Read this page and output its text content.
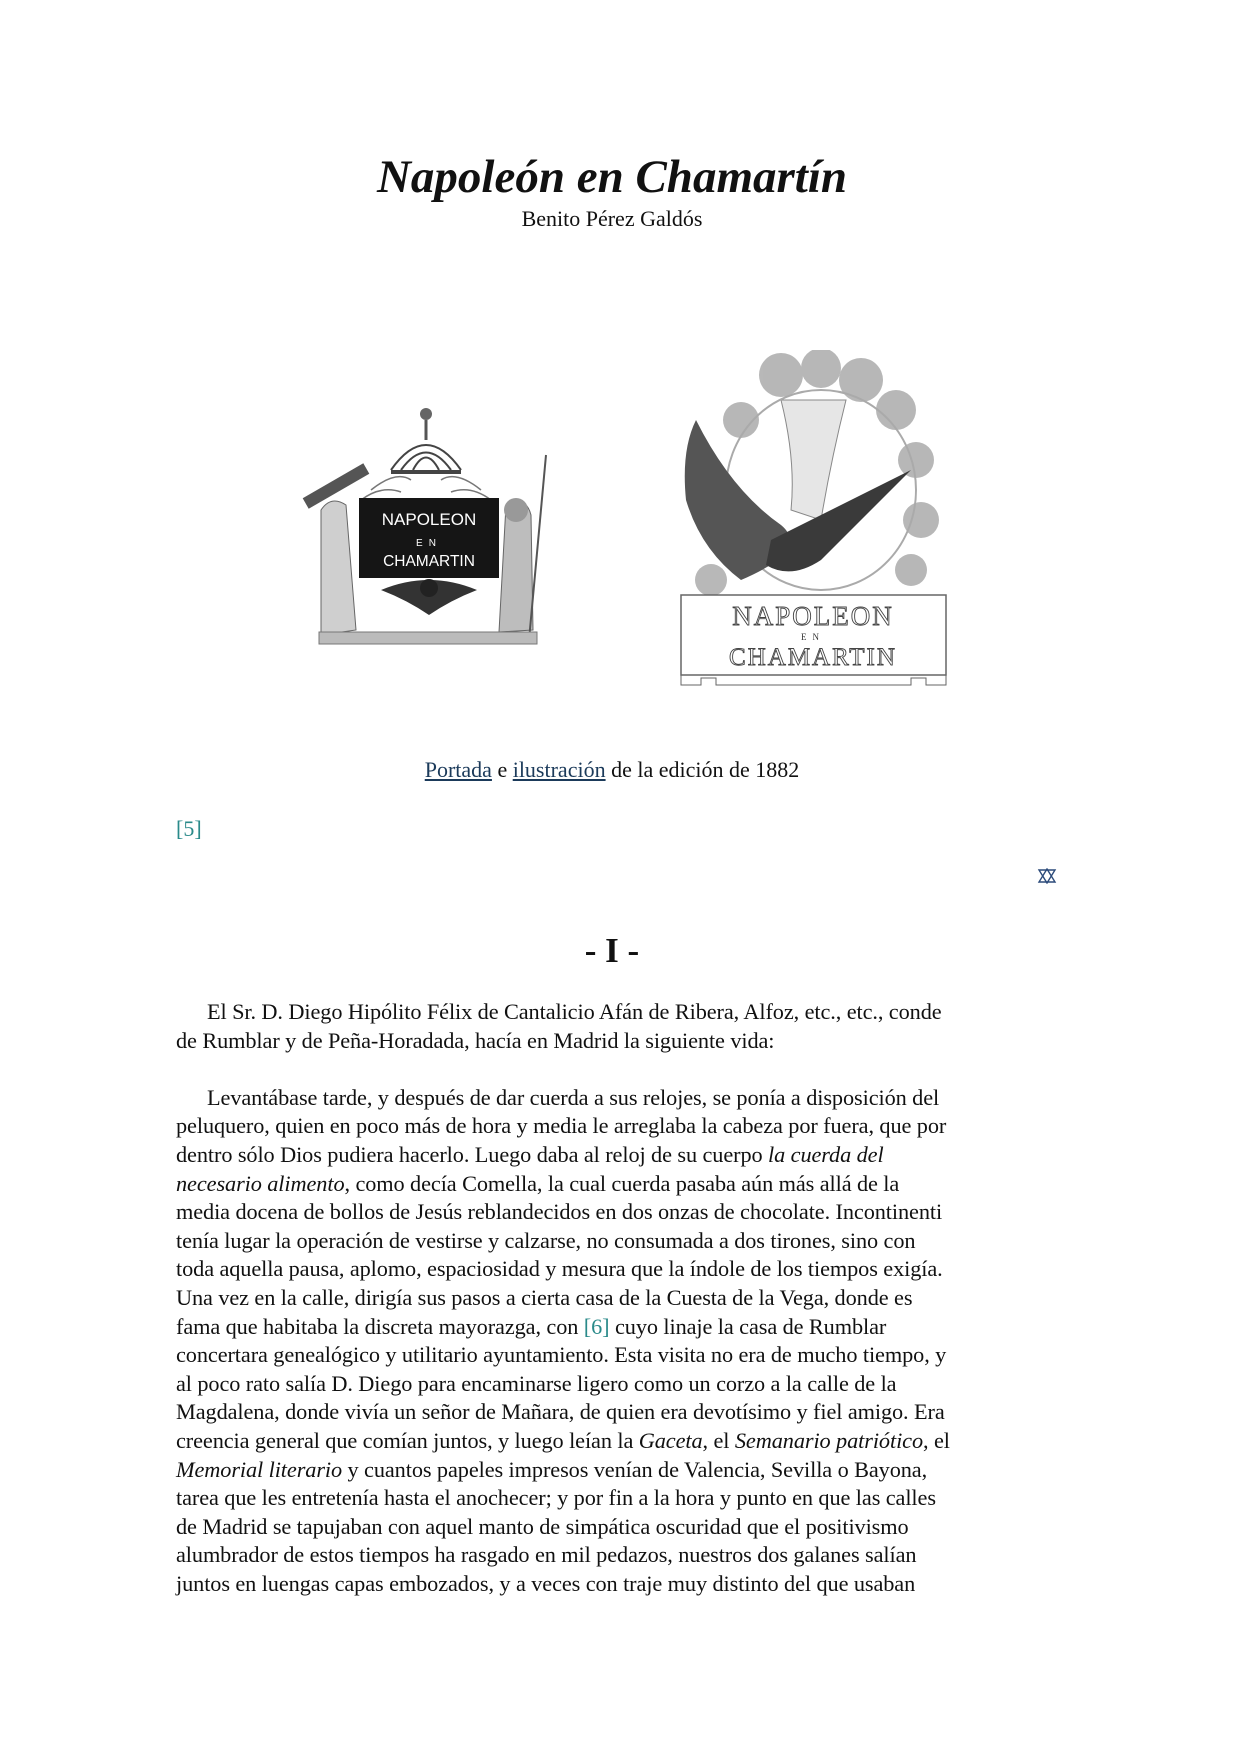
Napoleón en Chamartín
Benito Pérez Galdós
NAPOLEON
EN
CHAMARTIN
NAPOLEON
EN
CHAMARTIN
Portada e ilustración de la edición de 1882
[5]
- I -

El Sr. D. Diego Hipólito Félix de Cantalicio Afán de Ribera, Alfoz, etc., etc., conde
de Rumblar y de Peña-Horadada, hacía en Madrid la siguiente vida:

Levantábase tarde, y después de dar cuerda a sus relojes, se ponía a disposición del
peluquero, quien en poco más de hora y media le arreglaba la cabeza por fuera, que por
dentro sólo Dios pudiera hacerlo. Luego daba al reloj de su cuerpo la cuerda del
necesario alimento, como decía Comella, la cual cuerda pasaba aún más allá de la
media docena de bollos de Jesús reblandecidos en dos onzas de chocolate. Incontinenti
tenía lugar la operación de vestirse y calzarse, no consumada a dos tirones, sino con
toda aquella pausa, aplomo, espaciosidad y mesura que la índole de los tiempos exigía.
Una vez en la calle, dirigía sus pasos a cierta casa de la Cuesta de la Vega, donde es
fama que habitaba la discreta mayorazga, con [6] cuyo linaje la casa de Rumblar
concertara genealógico y utilitario ayuntamiento. Esta visita no era de mucho tiempo, y
al poco rato salía D. Diego para encaminarse ligero como un corzo a la calle de la
Magdalena, donde vivía un señor de Mañara, de quien era devotísimo y fiel amigo. Era
creencia general que comían juntos, y luego leían la Gaceta, el Semanario patriótico, el
Memorial literario y cuantos papeles impresos venían de Valencia, Sevilla o Bayona,
tarea que les entretenía hasta el anochecer; y por fin a la hora y punto en que las calles
de Madrid se tapujaban con aquel manto de simpática oscuridad que el positivismo
alumbrador de estos tiempos ha rasgado en mil pedazos, nuestros dos galanes salían
juntos en luengas capas embozados, y a veces con traje muy distinto del que usaban
